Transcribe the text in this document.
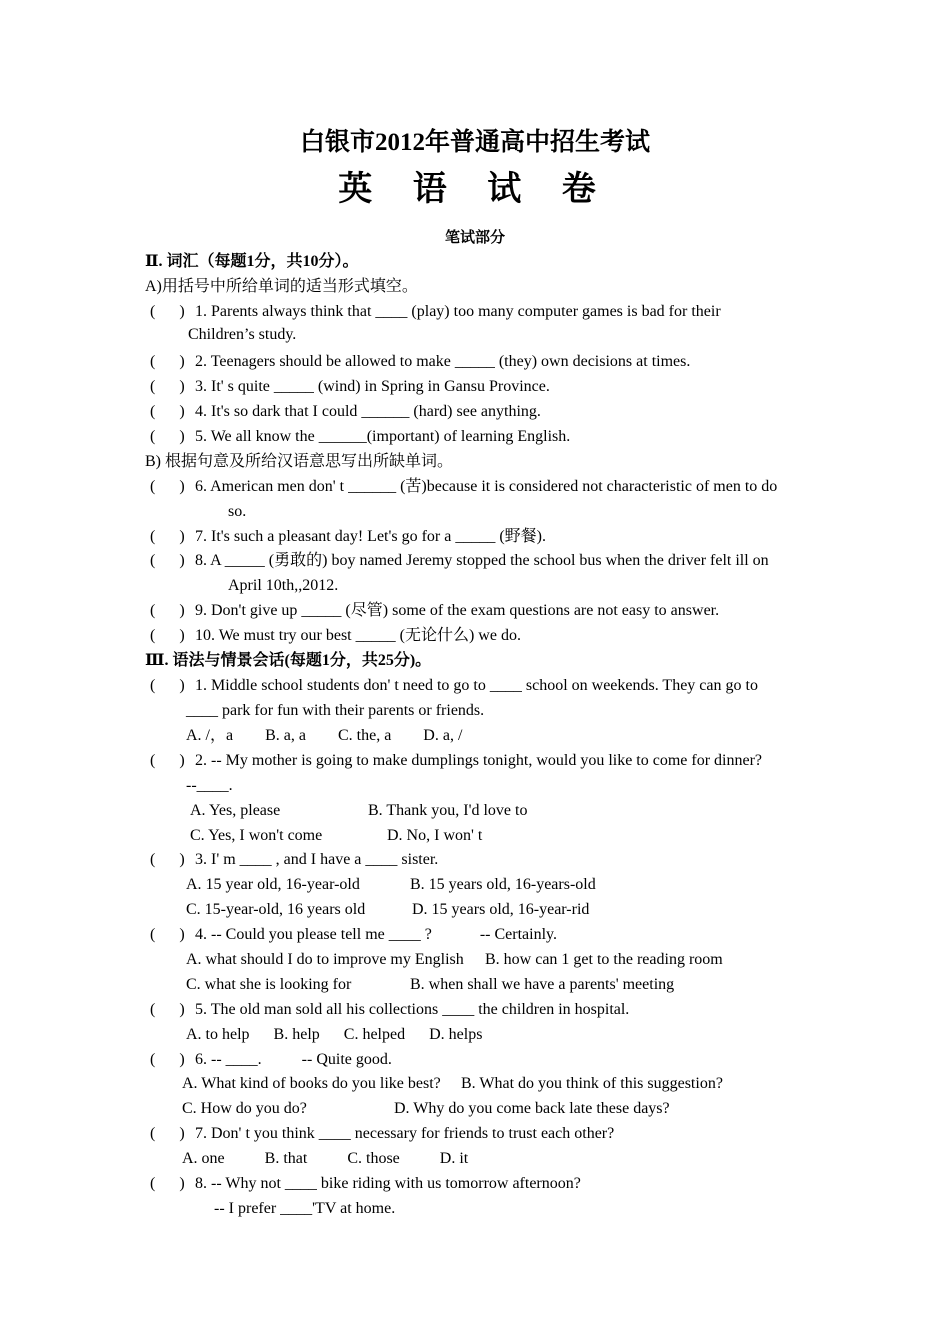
白银市2012年普通高中招生考试
英 语 试 卷
笔试部分
Ⅱ. 词汇（每题1分，共10分）。
A)用括号中所给单词的适当形式填空。
(      ) 1. Parents always think that ____ (play) too many computer games is bad for their
Children’s study.
(      ) 2. Teenagers should be allowed to make _____ (they) own decisions at times.
(      ) 3. It' s quite _____ (wind) in Spring in Gansu Province.
(      ) 4. It's so dark that I could ______ (hard) see anything.
(      ) 5. We all know the ______(important) of learning English.
B) 根据句意及所给汉语意思写出所缺单词。
(      ) 6. American men don' t ______ (苦)because it is considered not characteristic of men to do
so.
(      ) 7. It's such a pleasant day! Let's go for a _____ (野餐).
(      ) 8. A _____ (勇敢的) boy named Jeremy stopped the school bus when the driver felt ill on
April 10th,,2012.
(      ) 9. Don't give up _____ (尽管) some of the exam questions are not easy to answer.
(      ) 10. We must try our best _____ (无论什么) we do.
Ⅲ. 语法与情景会话(每题1分，共25分)。
(      ) 1. Middle school students don' t need to go to ____ school on weekends. They can go to
____ park for fun with their parents or friends.
A. /，a        B. a, a        C. the, a        D. a, /
(      ) 2. -- My mother is going to make dumplings tonight, would you like to come for dinner?
--____.
A. Yes, please	B. Thank you, I'd love to
C. Yes, I won't come	D. No, I won' t
(      ) 3. I' m ____ , and I have a ____ sister.
A. 15 year old, 16-year-old	B. 15 years old, 16-years-old
C. 15-year-old, 16 years old	D. 15 years old, 16-year-rid
(      ) 4. -- Could you please tell me ____ ?            -- Certainly.
A. what should I do to improve my English B. how can 1 get to the reading room
C. what she is looking for	B. when shall we have a parents' meeting
(      ) 5. The old man sold all his collections ____ the children in hospital.
A. to help      B. help      C. helped      D. helps
(      ) 6. -- ____.          -- Quite good.
A. What kind of books do you like best? B. What do you think of this suggestion?
C. How do you do?	D. Why do you come back late these days?
(      ) 7. Don' t you think ____ necessary for friends to trust each other?
A. one          B. that          C. those          D. it
(      ) 8. -- Why not ____ bike riding with us tomorrow afternoon?
-- I prefer ____'TV at home.
